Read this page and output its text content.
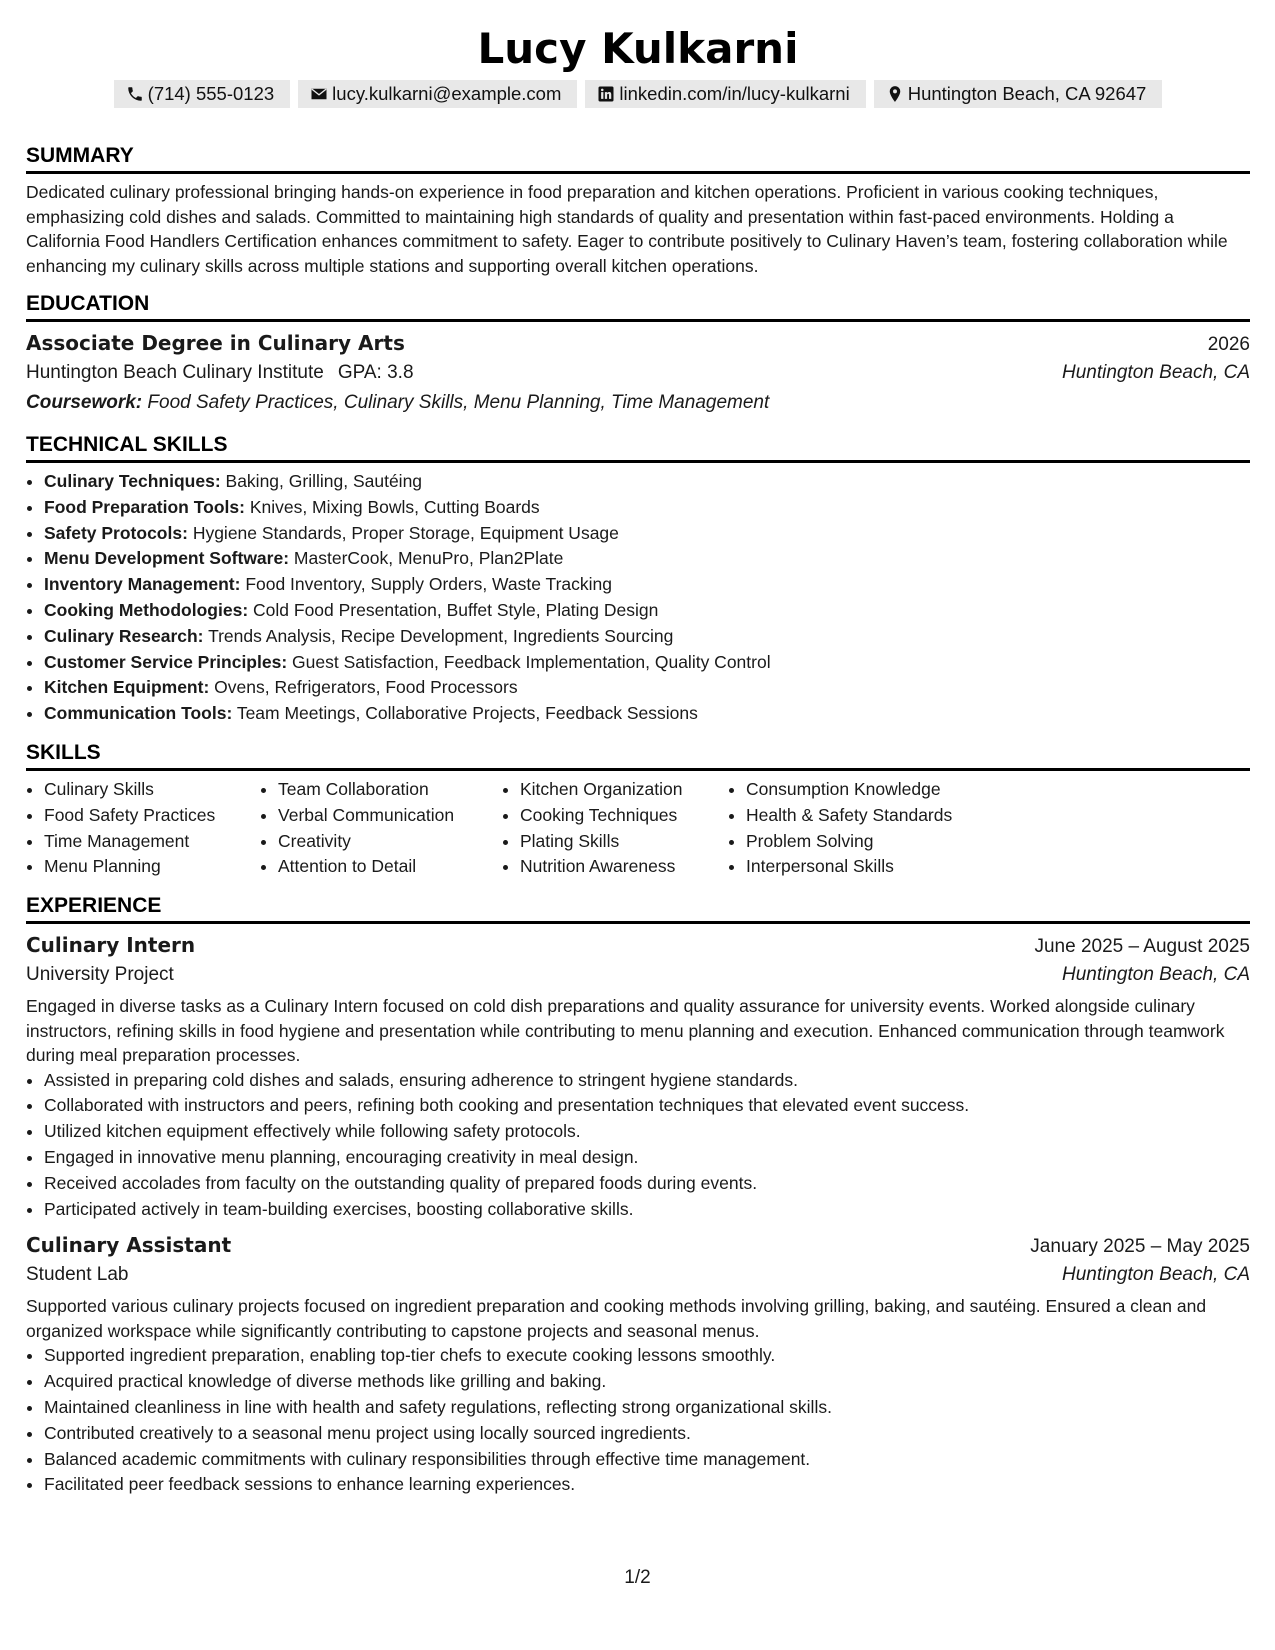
Lucy Kulkarni
(714) 555-0123	lucy.kulkarni@example.com	linkedin.com/in/lucy-kulkarni	Huntington Beach, CA 92647
SUMMARY

Dedicated culinary professional bringing hands-on experience in food preparation and kitchen operations. Proficient in various cooking techniques, emphasizing cold dishes and salads. Committed to maintaining high standards of quality and presentation within fast-paced environments. Holding a California Food Handlers Certification enhances commitment to safety. Eager to contribute positively to Culinary Haven’s team, fostering collaboration while enhancing my culinary skills across multiple stations and supporting overall kitchen operations.

EDUCATION
Associate Degree in Culinary Arts	2026
Huntington Beach Culinary Institute GPA: 3.8	Huntington Beach, CA
Coursework: Food Safety Practices, Culinary Skills, Menu Planning, Time Management
TECHNICAL SKILLS
• Culinary Techniques: Baking, Grilling, Sautéing
• Food Preparation Tools: Knives, Mixing Bowls, Cutting Boards
• Safety Protocols: Hygiene Standards, Proper Storage, Equipment Usage
• Menu Development Software: MasterCook, MenuPro, Plan2Plate
• Inventory Management: Food Inventory, Supply Orders, Waste Tracking
• Cooking Methodologies: Cold Food Presentation, Buffet Style, Plating Design
• Culinary Research: Trends Analysis, Recipe Development, Ingredients Sourcing
• Customer Service Principles: Guest Satisfaction, Feedback Implementation, Quality Control
• Kitchen Equipment: Ovens, Refrigerators, Food Processors
• Communication Tools: Team Meetings, Collaborative Projects, Feedback Sessions
SKILLS
• Culinary Skills
• Food Safety Practices
• Time Management
• Menu Planning
• Team Collaboration
• Verbal Communication
• Creativity
• Attention to Detail
• Kitchen Organization
• Cooking Techniques
• Plating Skills
• Nutrition Awareness
• Consumption Knowledge
• Health & Safety Standards
• Problem Solving
• Interpersonal Skills
EXPERIENCE
Culinary Intern	June 2025 – August 2025
University Project	Huntington Beach, CA

Engaged in diverse tasks as a Culinary Intern focused on cold dish preparations and quality assurance for university events. Worked alongside culinary instructors, refining skills in food hygiene and presentation while contributing to menu planning and execution. Enhanced communication through teamwork during meal preparation processes.

• Assisted in preparing cold dishes and salads, ensuring adherence to stringent hygiene standards.
• Collaborated with instructors and peers, refining both cooking and presentation techniques that elevated event success.
• Utilized kitchen equipment effectively while following safety protocols.
• Engaged in innovative menu planning, encouraging creativity in meal design.
• Received accolades from faculty on the outstanding quality of prepared foods during events.
• Participated actively in team-building exercises, boosting collaborative skills.
Culinary Assistant	January 2025 – May 2025
Student Lab	Huntington Beach, CA

Supported various culinary projects focused on ingredient preparation and cooking methods involving grilling, baking, and sautéing. Ensured a clean and organized workspace while significantly contributing to capstone projects and seasonal menus.

• Supported ingredient preparation, enabling top-tier chefs to execute cooking lessons smoothly.
• Acquired practical knowledge of diverse methods like grilling and baking.
• Maintained cleanliness in line with health and safety regulations, reflecting strong organizational skills.
• Contributed creatively to a seasonal menu project using locally sourced ingredients.
• Balanced academic commitments with culinary responsibilities through effective time management.
• Facilitated peer feedback sessions to enhance learning experiences.
1/2
